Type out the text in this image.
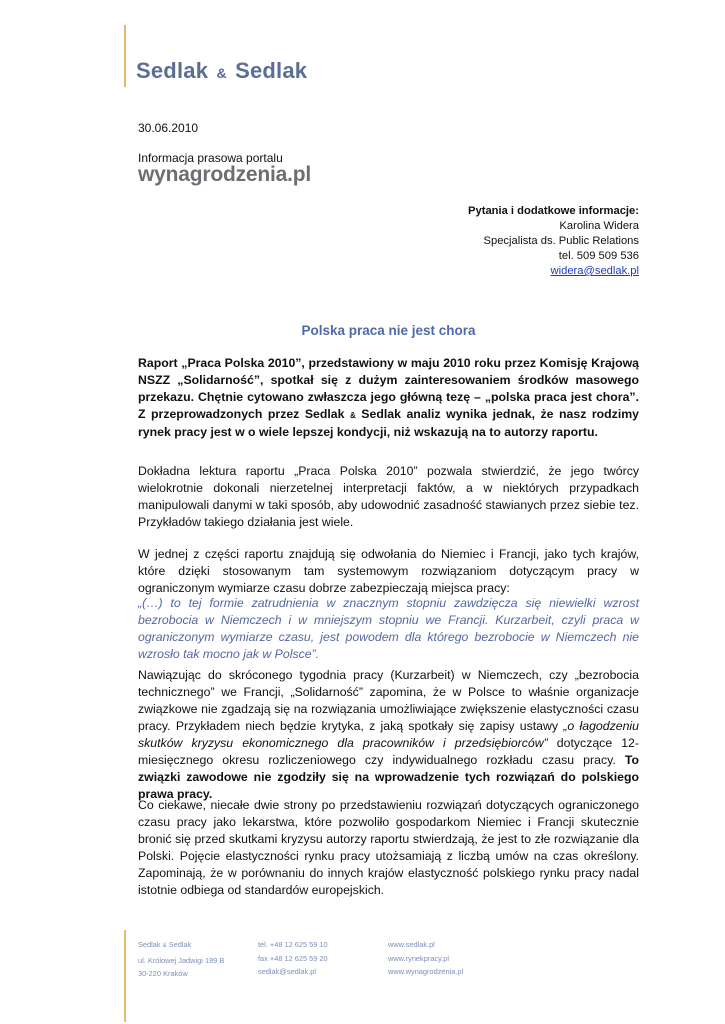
Sedlak & Sedlak
30.06.2010
Informacja prasowa portalu
wynagrodzenia.pl
Pytania i dodatkowe informacje:
Karolina Widera
Specjalista ds. Public Relations
tel. 509 509 536
widera@sedlak.pl
Polska praca nie jest chora
Raport „Praca Polska 2010”, przedstawiony w maju 2010 roku przez Komisję Krajową NSZZ „Solidarność”, spotkał się z dużym zainteresowaniem środków masowego przekazu. Chętnie cytowano zwłaszcza jego główną tezę – „polska praca jest chora”. Z przeprowadzonych przez Sedlak & Sedlak analiz wynika jednak, że nasz rodzimy rynek pracy jest w o wiele lepszej kondycji, niż wskazują na to autorzy raportu.
Dokładna lektura raportu „Praca Polska 2010” pozwala stwierdzić, że jego twórcy wielokrotnie dokonali nierzetelnej interpretacji faktów, a w niektórych przypadkach manipulowali danymi w taki sposób, aby udowodnić zasadność stawianych przez siebie tez. Przykładów takiego działania jest wiele.
W jednej z części raportu znajdują się odwołania do Niemiec i Francji, jako tych krajów, które dzięki stosowanym tam systemowym rozwiązaniom dotyczącym pracy w ograniczonym wymiarze czasu dobrze zabezpieczają miejsca pracy:
„(…) to tej formie zatrudnienia w znacznym stopniu zawdzięcza się niewielki wzrost bezrobocia w Niemczech i w mniejszym stopniu we Francji. Kurzarbeit, czyli praca w ograniczonym wymiarze czasu, jest powodem dla którego bezrobocie w Niemczech nie wzrosło tak mocno jak w Polsce”.
Nawiązując do skróconego tygodnia pracy (Kurzarbeit) w Niemczech, czy „bezrobocia technicznego” we Francji, „Solidarność” zapomina, że w Polsce to właśnie organizacje związkowe nie zgadzają się na rozwiązania umożliwiające zwiększenie elastyczności czasu pracy. Przykładem niech będzie krytyka, z jaką spotkały się zapisy ustawy „o łagodzeniu skutków kryzysu ekonomicznego dla pracowników i przedsiębiorców” dotyczące 12-miesięcznego okresu rozliczeniowego czy indywidualnego rozkładu czasu pracy. To związki zawodowe nie zgodziły się na wprowadzenie tych rozwiązań do polskiego prawa pracy.
Co ciekawe, niecałe dwie strony po przedstawieniu rozwiązań dotyczących ograniczonego czasu pracy jako lekarstwa, które pozwoliło gospodarkom Niemiec i Francji skutecznie bronić się przed skutkami kryzysu autorzy raportu stwierdzają, że jest to złe rozwiązanie dla Polski. Pojęcie elastyczności rynku pracy utożsamiają z liczbą umów na czas określony. Zapominają, że w porównaniu do innych krajów elastyczność polskiego rynku pracy nadal istotnie odbiega od standardów europejskich.
Sedlak & Sedlak
ul. Królowej Jadwigi 189 B
30-220 Kraków
tel. +48 12 625 59 10
fax +48 12 625 59 20
sedlak@sedlak.pl
www.sedlak.pl
www.rynekpracy.pl
www.wynagrodzenia.pl
